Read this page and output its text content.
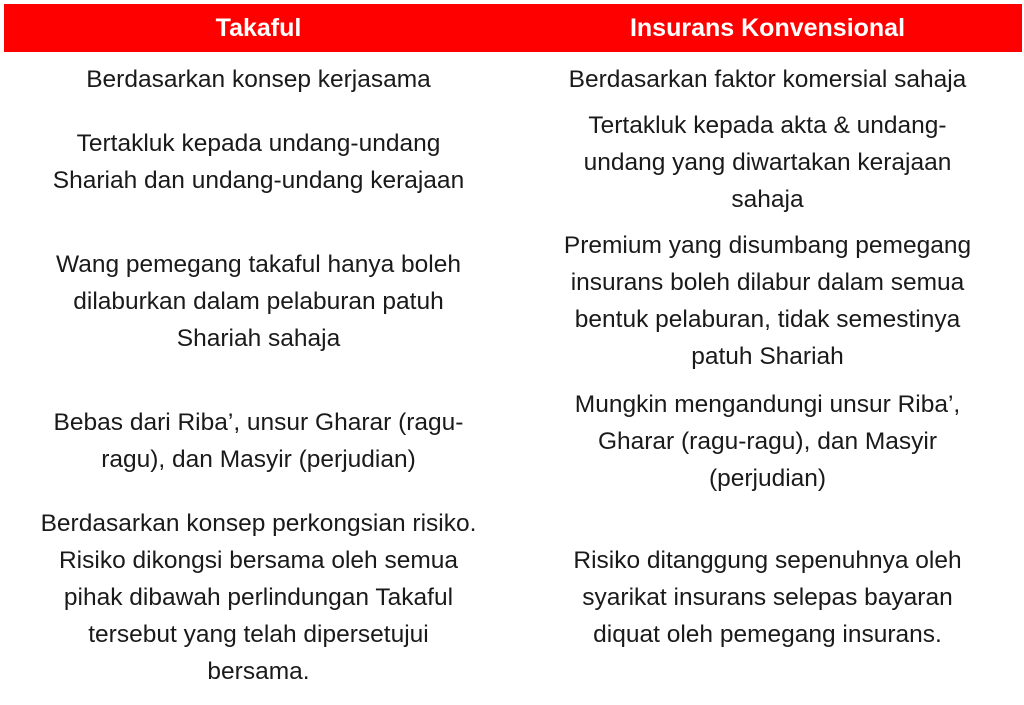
Takaful	Insurans Konvensional
Berdasarkan konsep kerjasama	Berdasarkan faktor komersial sahaja
Tertakluk kepada undang-undang
Shariah dan undang-undang kerajaan
Tertakluk kepada akta & undang-
undang yang diwartakan kerajaan
sahaja
Wang pemegang takaful hanya boleh
dilaburkan dalam pelaburan patuh
Shariah sahaja
Premium yang disumbang pemegang
insurans boleh dilabur dalam semua
bentuk pelaburan, tidak semestinya
patuh Shariah
Bebas dari Riba’, unsur Gharar (ragu-
ragu), dan Masyir (perjudian)
Mungkin mengandungi unsur Riba’,
Gharar (ragu-ragu), dan Masyir
(perjudian)
Berdasarkan konsep perkongsian risiko.
Risiko dikongsi bersama oleh semua
pihak dibawah perlindungan Takaful
tersebut yang telah dipersetujui
bersama.
Risiko ditanggung sepenuhnya oleh
syarikat insurans selepas bayaran
diquat oleh pemegang insurans.
